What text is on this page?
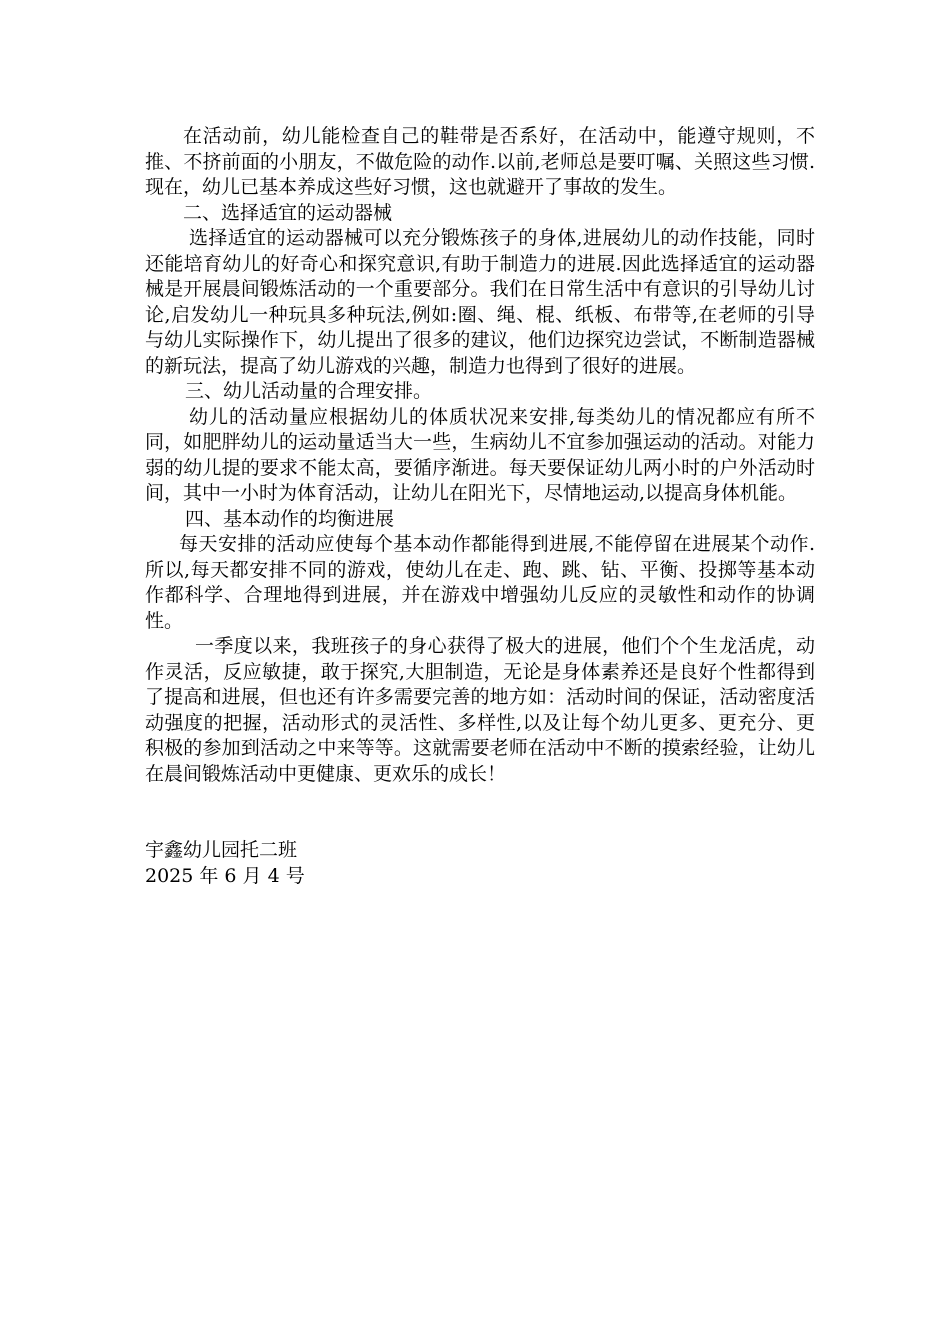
在活动前，幼儿能检查自己的鞋带是否系好，在活动中，能遵守规则，不推、不挤前面的小朋友，不做危险的动作.以前,老师总是要叮嘱、关照这些习惯.现在，幼儿已基本养成这些好习惯，这也就避开了事故的发生。

二、选择适宜的运动器械

选择适宜的运动器械可以充分锻炼孩子的身体,进展幼儿的动作技能，同时还能培育幼儿的好奇心和探究意识,有助于制造力的进展.因此选择适宜的运动器械是开展晨间锻炼活动的一个重要部分。我们在日常生活中有意识的引导幼儿讨论,启发幼儿一种玩具多种玩法,例如:圈、绳、棍、纸板、布带等,在老师的引导与幼儿实际操作下，幼儿提出了很多的建议，他们边探究边尝试，不断制造器械的新玩法，提高了幼儿游戏的兴趣，制造力也得到了很好的进展。

三、幼儿活动量的合理安排。

幼儿的活动量应根据幼儿的体质状况来安排,每类幼儿的情况都应有所不同，如肥胖幼儿的运动量适当大一些，生病幼儿不宜参加强运动的活动。对能力弱的幼儿提的要求不能太高，要循序渐进。每天要保证幼儿两小时的户外活动时间，其中一小时为体育活动，让幼儿在阳光下，尽情地运动,以提高身体机能。

四、基本动作的均衡进展

每天安排的活动应使每个基本动作都能得到进展,不能停留在进展某个动作.所以,每天都安排不同的游戏，使幼儿在走、跑、跳、钻、平衡、投掷等基本动作都科学、合理地得到进展，并在游戏中增强幼儿反应的灵敏性和动作的协调性。

一季度以来，我班孩子的身心获得了极大的进展，他们个个生龙活虎，动作灵活，反应敏捷，敢于探究,大胆制造，无论是身体素养还是良好个性都得到了提高和进展，但也还有许多需要完善的地方如：活动时间的保证，活动密度活动强度的把握，活动形式的灵活性、多样性,以及让每个幼儿更多、更充分、更积极的参加到活动之中来等等。这就需要老师在活动中不断的摸索经验，让幼儿在晨间锻炼活动中更健康、更欢乐的成长！

宇鑫幼儿园托二班

2025 年 6 月 4 号
